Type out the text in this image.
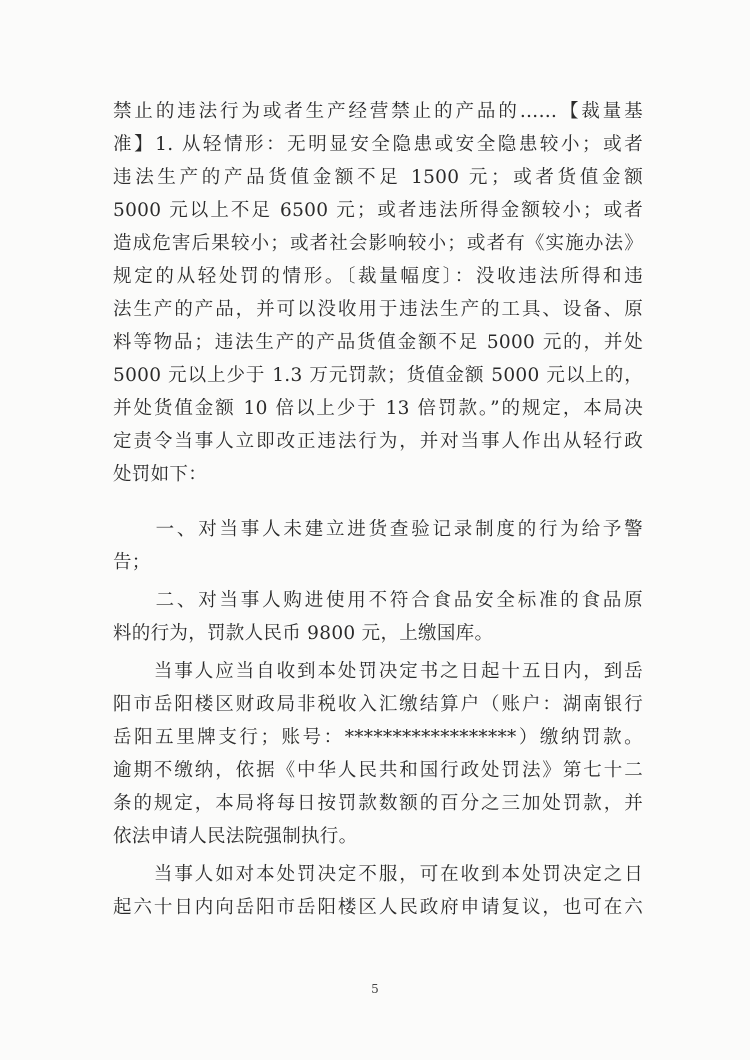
禁止的违法行为或者生产经营禁止的产品的……【裁量基
准】1. 从轻情形：无明显安全隐患或安全隐患较小；或者
违法生产的产品货值金额不足 1500 元；或者货值金额
5000 元以上不足 6500 元；或者违法所得金额较小；或者
造成危害后果较小；或者社会影响较小；或者有《实施办法》
规定的从轻处罚的情形。〔裁量幅度〕：没收违法所得和违
法生产的产品，并可以没收用于违法生产的工具、设备、原
料等物品；违法生产的产品货值金额不足 5000 元的，并处
5000 元以上少于 1.3 万元罚款；货值金额 5000 元以上的，
并处货值金额 10 倍以上少于 13 倍罚款。”的规定，本局决
定责令当事人立即改正违法行为，并对当事人作出从轻行政
处罚如下：
　　一、对当事人未建立进货查验记录制度的行为给予警
告；
　　二、对当事人购进使用不符合食品安全标准的食品原
料的行为，罚款人民币 9800 元，上缴国库。
　　当事人应当自收到本处罚决定书之日起十五日内，到岳
阳市岳阳楼区财政局非税收入汇缴结算户（账户：湖南银行
岳阳五里牌支行；账号：******************）缴纳罚款。
逾期不缴纳，依据《中华人民共和国行政处罚法》第七十二
条的规定，本局将每日按罚款数额的百分之三加处罚款，并
依法申请人民法院强制执行。
　　当事人如对本处罚决定不服，可在收到本处罚决定之日
起六十日内向岳阳市岳阳楼区人民政府申请复议，也可在六
5
